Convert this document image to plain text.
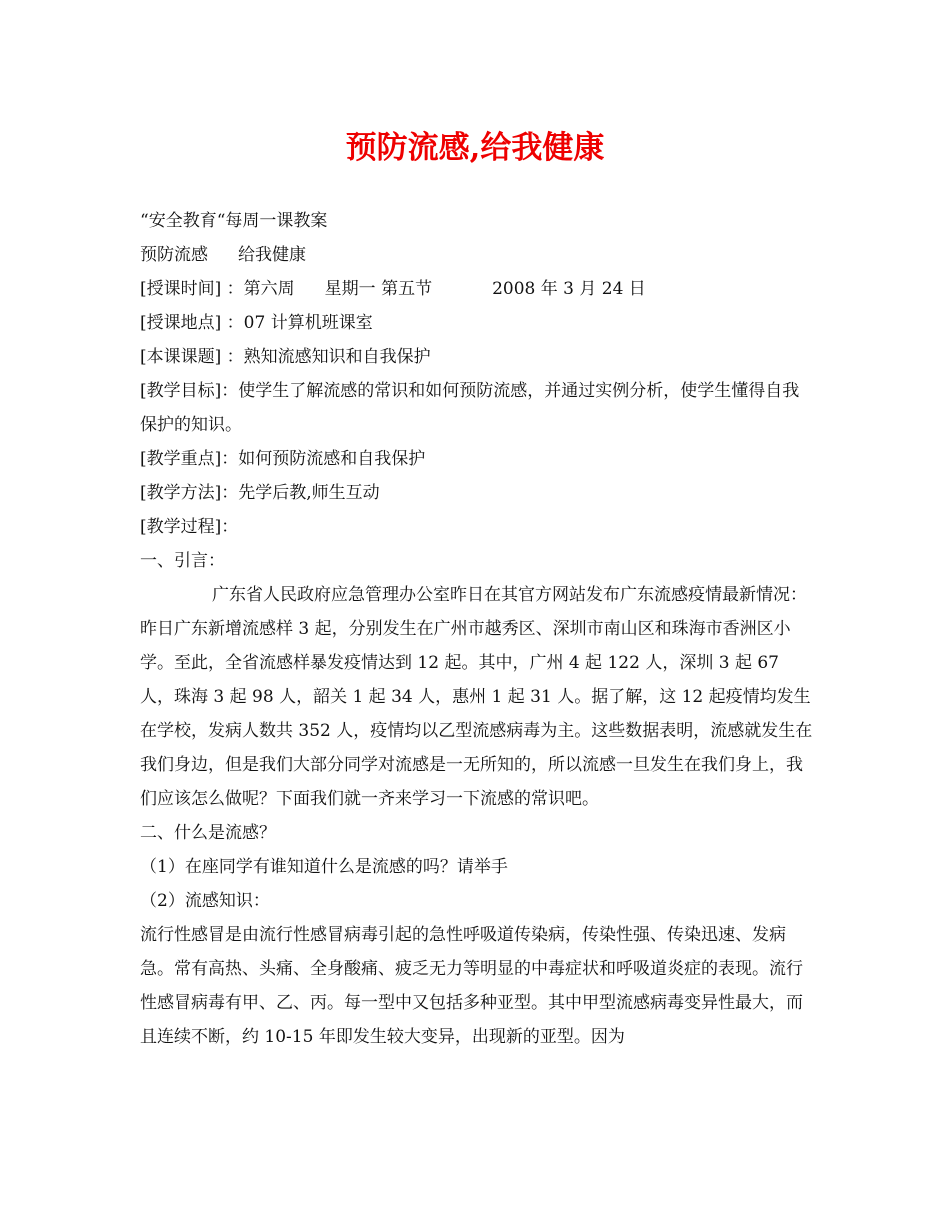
预防流感,给我健康

“安全教育“每周一课教案

预防流感 给我健康

[授课时间] ：第六周 星期一 第五节	2008 年 3 月 24 日

[授课地点] ：07 计算机班课室

[本课课题] ：熟知流感知识和自我保护

[教学目标]：使学生了解流感的常识和如何预防流感，并通过实例分析，使学生懂得自我保护的知识。

[教学重点]：如何预防流感和自我保护

[教学方法]：先学后教,师生互动

[教学过程]：

一、引言：

广东省人民政府应急管理办公室昨日在其官方网站发布广东流感疫情最新情况：昨日广东新增流感样 3 起，分别发生在广州市越秀区、深圳市南山区和珠海市香洲区小学。至此，全省流感样暴发疫情达到 12 起。其中，广州 4 起 122 人，深圳 3 起 67 人，珠海 3 起 98 人，韶关 1 起 34 人，惠州 1 起 31 人。据了解，这 12 起疫情均发生在学校，发病人数共 352 人，疫情均以乙型流感病毒为主。这些数据表明，流感就发生在我们身边，但是我们大部分同学对流感是一无所知的，所以流感一旦发生在我们身上，我们应该怎么做呢？下面我们就一齐来学习一下流感的常识吧。

二、什么是流感？

（1）在座同学有谁知道什么是流感的吗？请举手

（2）流感知识：

流行性感冒是由流行性感冒病毒引起的急性呼吸道传染病，传染性强、传染迅速、发病急。常有高热、头痛、全身酸痛、疲乏无力等明显的中毒症状和呼吸道炎症的表现。流行性感冒病毒有甲、乙、丙。每一型中又包括多种亚型。其中甲型流感病毒变异性最大，而且连续不断，约 10-15 年即发生较大变异，出现新的亚型。因为
